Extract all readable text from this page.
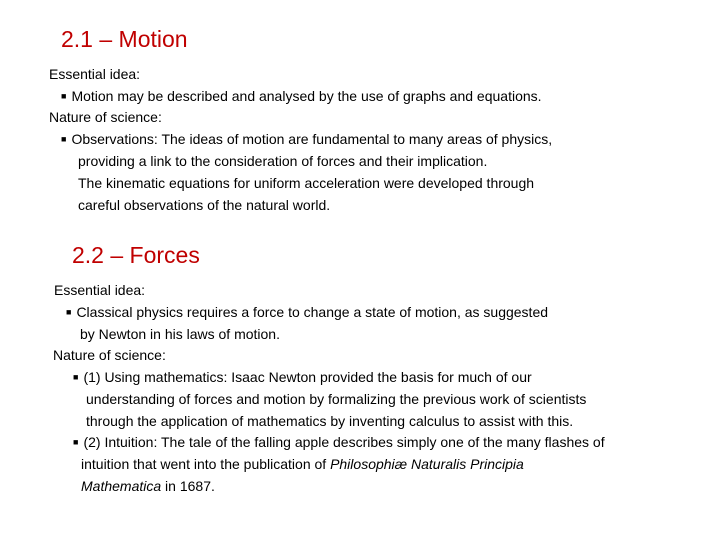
2.1 – Motion
Essential idea:
■ Motion may be described and analysed by the use of graphs and equations.
Nature of science:
■ Observations: The ideas of motion are fundamental to many areas of physics,
providing a link to the consideration of forces and their implication.
The kinematic equations for uniform acceleration were developed through
careful observations of the natural world.
2.2 – Forces
Essential idea:
■ Classical physics requires a force to change a state of motion, as suggested
by Newton in his laws of motion.
Nature of science:
■ (1) Using mathematics: Isaac Newton provided the basis for much of our
understanding of forces and motion by formalizing the previous work of scientists
through the application of mathematics by inventing calculus to assist with this.
■ (2) Intuition: The tale of the falling apple describes simply one of the many flashes of
intuition that went into the publication of Philosophiæ Naturalis Principia
Mathematica in 1687.
